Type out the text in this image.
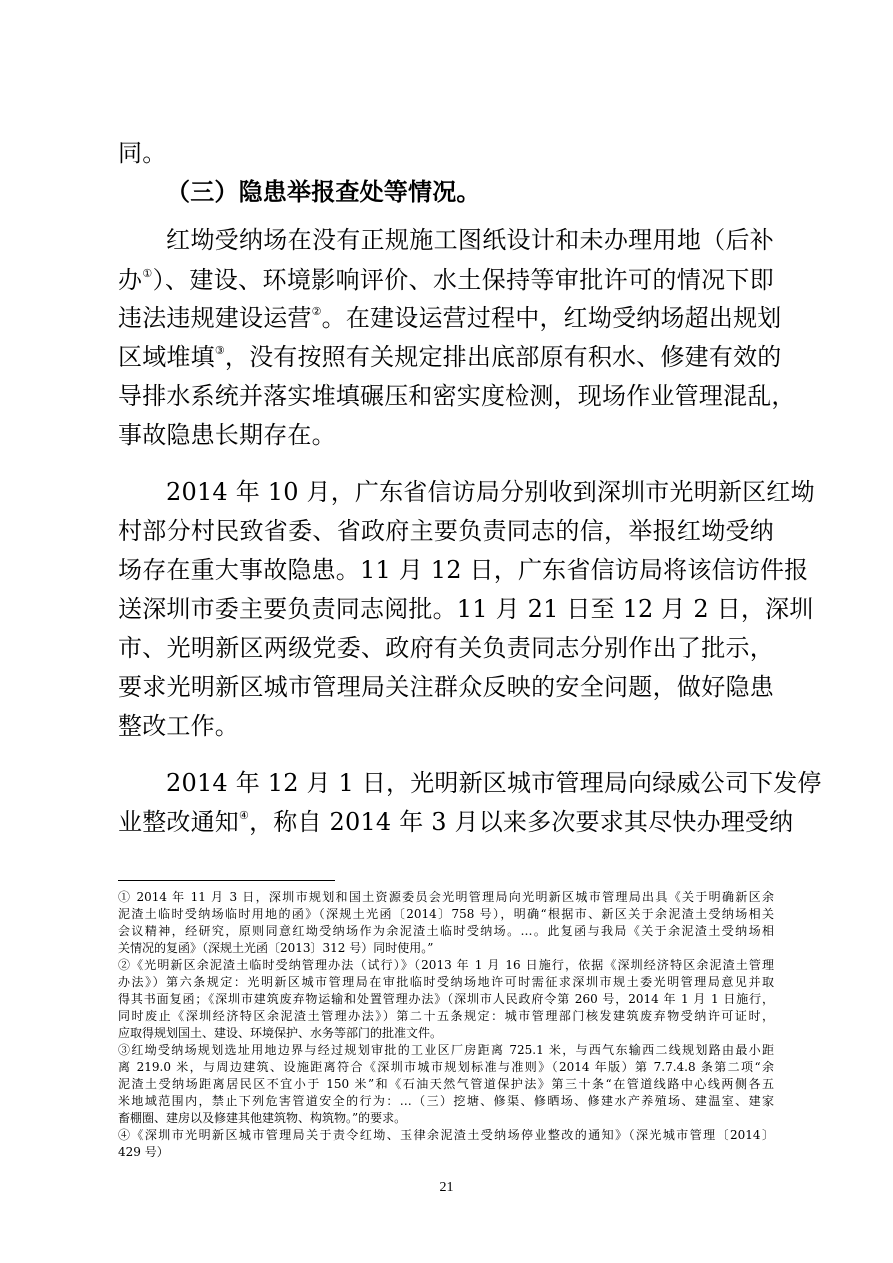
同。
（三）隐患举报查处等情况。
红坳受纳场在没有正规施工图纸设计和未办理用地（后补
办①）、建设、环境影响评价、水土保持等审批许可的情况下即
违法违规建设运营②。在建设运营过程中，红坳受纳场超出规划
区域堆填③，没有按照有关规定排出底部原有积水、修建有效的
导排水系统并落实堆填碾压和密实度检测，现场作业管理混乱，
事故隐患长期存在。
2014 年 10 月，广东省信访局分别收到深圳市光明新区红坳
村部分村民致省委、省政府主要负责同志的信，举报红坳受纳
场存在重大事故隐患。11 月 12 日，广东省信访局将该信访件报
送深圳市委主要负责同志阅批。11 月 21 日至 12 月 2 日，深圳
市、光明新区两级党委、政府有关负责同志分别作出了批示，
要求光明新区城市管理局关注群众反映的安全问题，做好隐患
整改工作。
2014 年 12 月 1 日，光明新区城市管理局向绿威公司下发停
业整改通知④，称自 2014 年 3 月以来多次要求其尽快办理受纳
① 2014 年 11 月 3 日，深圳市规划和国土资源委员会光明管理局向光明新区城市管理局出具《关于明确新区余
泥渣土临时受纳场临时用地的函》（深规土光函〔2014〕758 号），明确“根据市、新区关于余泥渣土受纳场相关
会议精神，经研究，原则同意红坳受纳场作为余泥渣土临时受纳场。…。此复函与我局《关于余泥渣土受纳场相
关情况的复函》（深规土光函〔2013〕312 号）同时使用。”
②《光明新区余泥渣土临时受纳管理办法（试行）》（2013 年 1 月 16 日施行，依据《深圳经济特区余泥渣土管理
办法》）第六条规定：光明新区城市管理局在审批临时受纳场地许可时需征求深圳市规土委光明管理局意见并取
得其书面复函；《深圳市建筑废弃物运输和处置管理办法》（深圳市人民政府令第 260 号，2014 年 1 月 1 日施行，
同时废止《深圳经济特区余泥渣土管理办法》）第二十五条规定：城市管理部门核发建筑废弃物受纳许可证时，
应取得规划国土、建设、环境保护、水务等部门的批准文件。
③红坳受纳场规划选址用地边界与经过规划审批的工业区厂房距离 725.1 米，与西气东输西二线规划路由最小距
离 219.0 米，与周边建筑、设施距离符合《深圳市城市规划标准与准则》（2014 年版）第 7.7.4.8 条第二项“余
泥渣土受纳场距离居民区不宜小于 150 米”和《石油天然气管道保护法》第三十条“在管道线路中心线两侧各五
米地域范围内，禁止下列危害管道安全的行为：…（三）挖塘、修渠、修晒场、修建水产养殖场、建温室、建家
畜棚圈、建房以及修建其他建筑物、构筑物。”的要求。
④《深圳市光明新区城市管理局关于责令红坳、玉律余泥渣土受纳场停业整改的通知》（深光城市管理〔2014〕
429 号）
21
